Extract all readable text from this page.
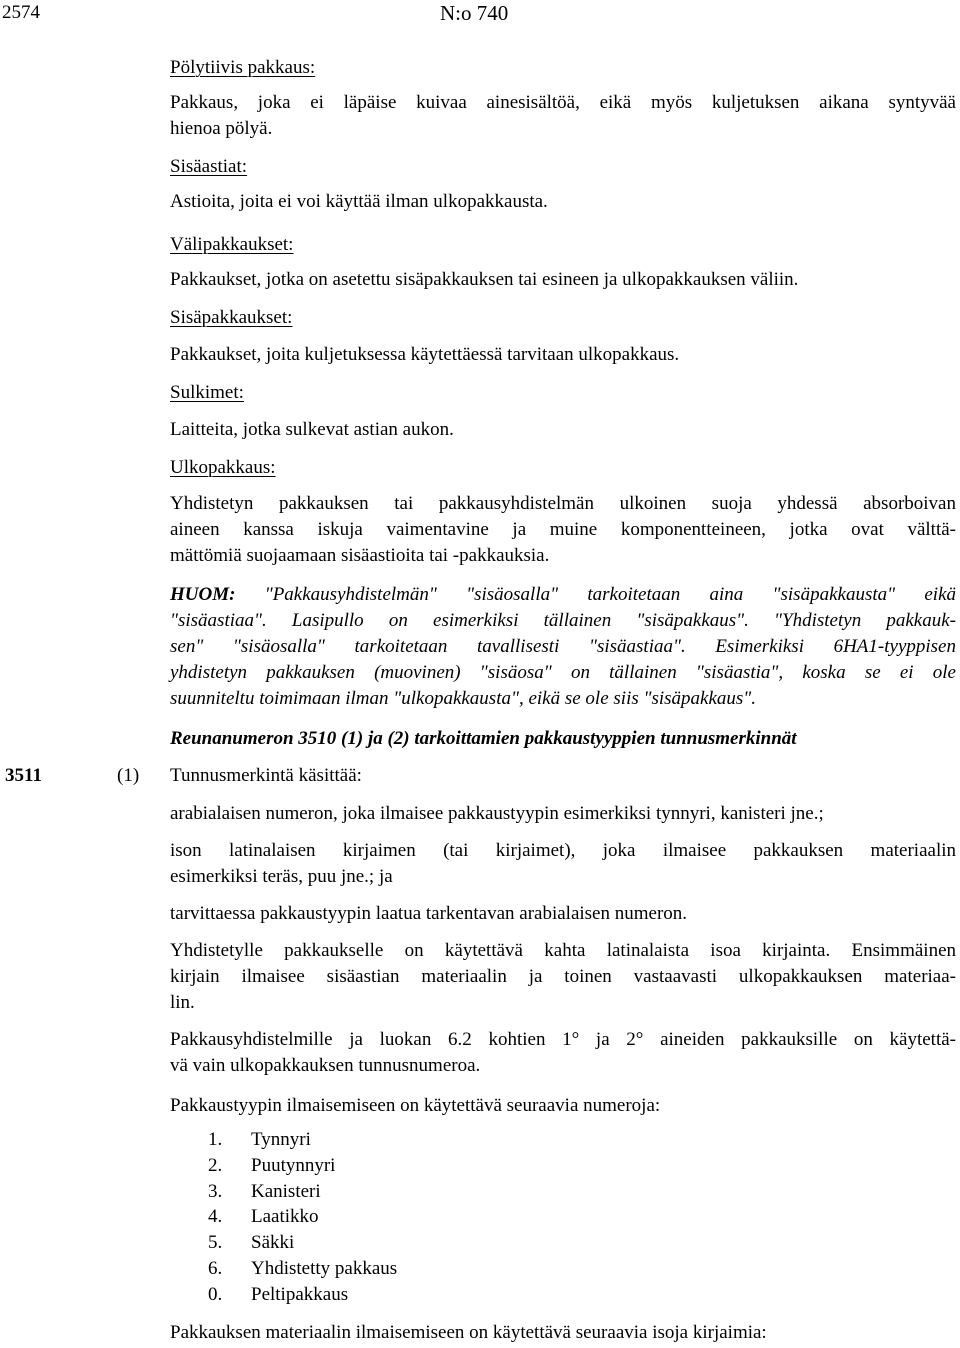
2574	N:o 740
Pölytiivis pakkaus:
Pakkaus, joka ei läpäise kuivaa ainesisältöä, eikä myös kuljetuksen aikana syntyvää
hienoa pölyä.
Sisäastiat:
Astioita, joita ei voi käyttää ilman ulkopakkausta.
Välipakkaukset:
Pakkaukset, jotka on asetettu sisäpakkauksen tai esineen ja ulkopakkauksen väliin.
Sisäpakkaukset:
Pakkaukset, joita kuljetuksessa käytettäessä tarvitaan ulkopakkaus.
Sulkimet:
Laitteita, jotka sulkevat astian aukon.
Ulkopakkaus:
Yhdistetyn pakkauksen tai pakkausyhdistelmän ulkoinen suoja yhdessä absorboivan
aineen kanssa iskuja vaimentavine ja muine komponentteineen, jotka ovat välttä-
mättömiä suojaamaan sisäastioita tai -pakkauksia.
HUOM: "Pakkausyhdistelmän" "sisäosalla" tarkoitetaan aina "sisäpakkausta" eikä
"sisäastiaa". Lasipullo on esimerkiksi tällainen "sisäpakkaus". "Yhdistetyn pakkauk-
sen" "sisäosalla" tarkoitetaan tavallisesti "sisäastiaa". Esimerkiksi 6HA1-tyyppisen
yhdistetyn pakkauksen (muovinen) "sisäosa" on tällainen "sisäastia", koska se ei ole
suunniteltu toimimaan ilman "ulkopakkausta", eikä se ole siis "sisäpakkaus".
Reunanumeron 3510 (1) ja (2) tarkoittamien pakkaustyyppien tunnusmerkinnät
3511	(1) Tunnusmerkintä käsittää:
arabialaisen numeron, joka ilmaisee pakkaustyypin esimerkiksi tynnyri, kanisteri jne.;
ison latinalaisen kirjaimen (tai kirjaimet), joka ilmaisee pakkauksen materiaalin
esimerkiksi teräs, puu jne.; ja
tarvittaessa pakkaustyypin laatua tarkentavan arabialaisen numeron.
Yhdistetylle pakkaukselle on käytettävä kahta latinalaista isoa kirjainta. Ensimmäinen
kirjain ilmaisee sisäastian materiaalin ja toinen vastaavasti ulkopakkauksen materiaa-
lin.
Pakkausyhdistelmille ja luokan 6.2 kohtien 1° ja 2° aineiden pakkauksille on käytettä-
vä vain ulkopakkauksen tunnusnumeroa.
Pakkaustyypin ilmaisemiseen on käytettävä seuraavia numeroja:
1. Tynnyri
2. Puutynnyri
3. Kanisteri
4. Laatikko
5. Säkki
6. Yhdistetty pakkaus
0. Peltipakkaus
Pakkauksen materiaalin ilmaisemiseen on käytettävä seuraavia isoja kirjaimia:
